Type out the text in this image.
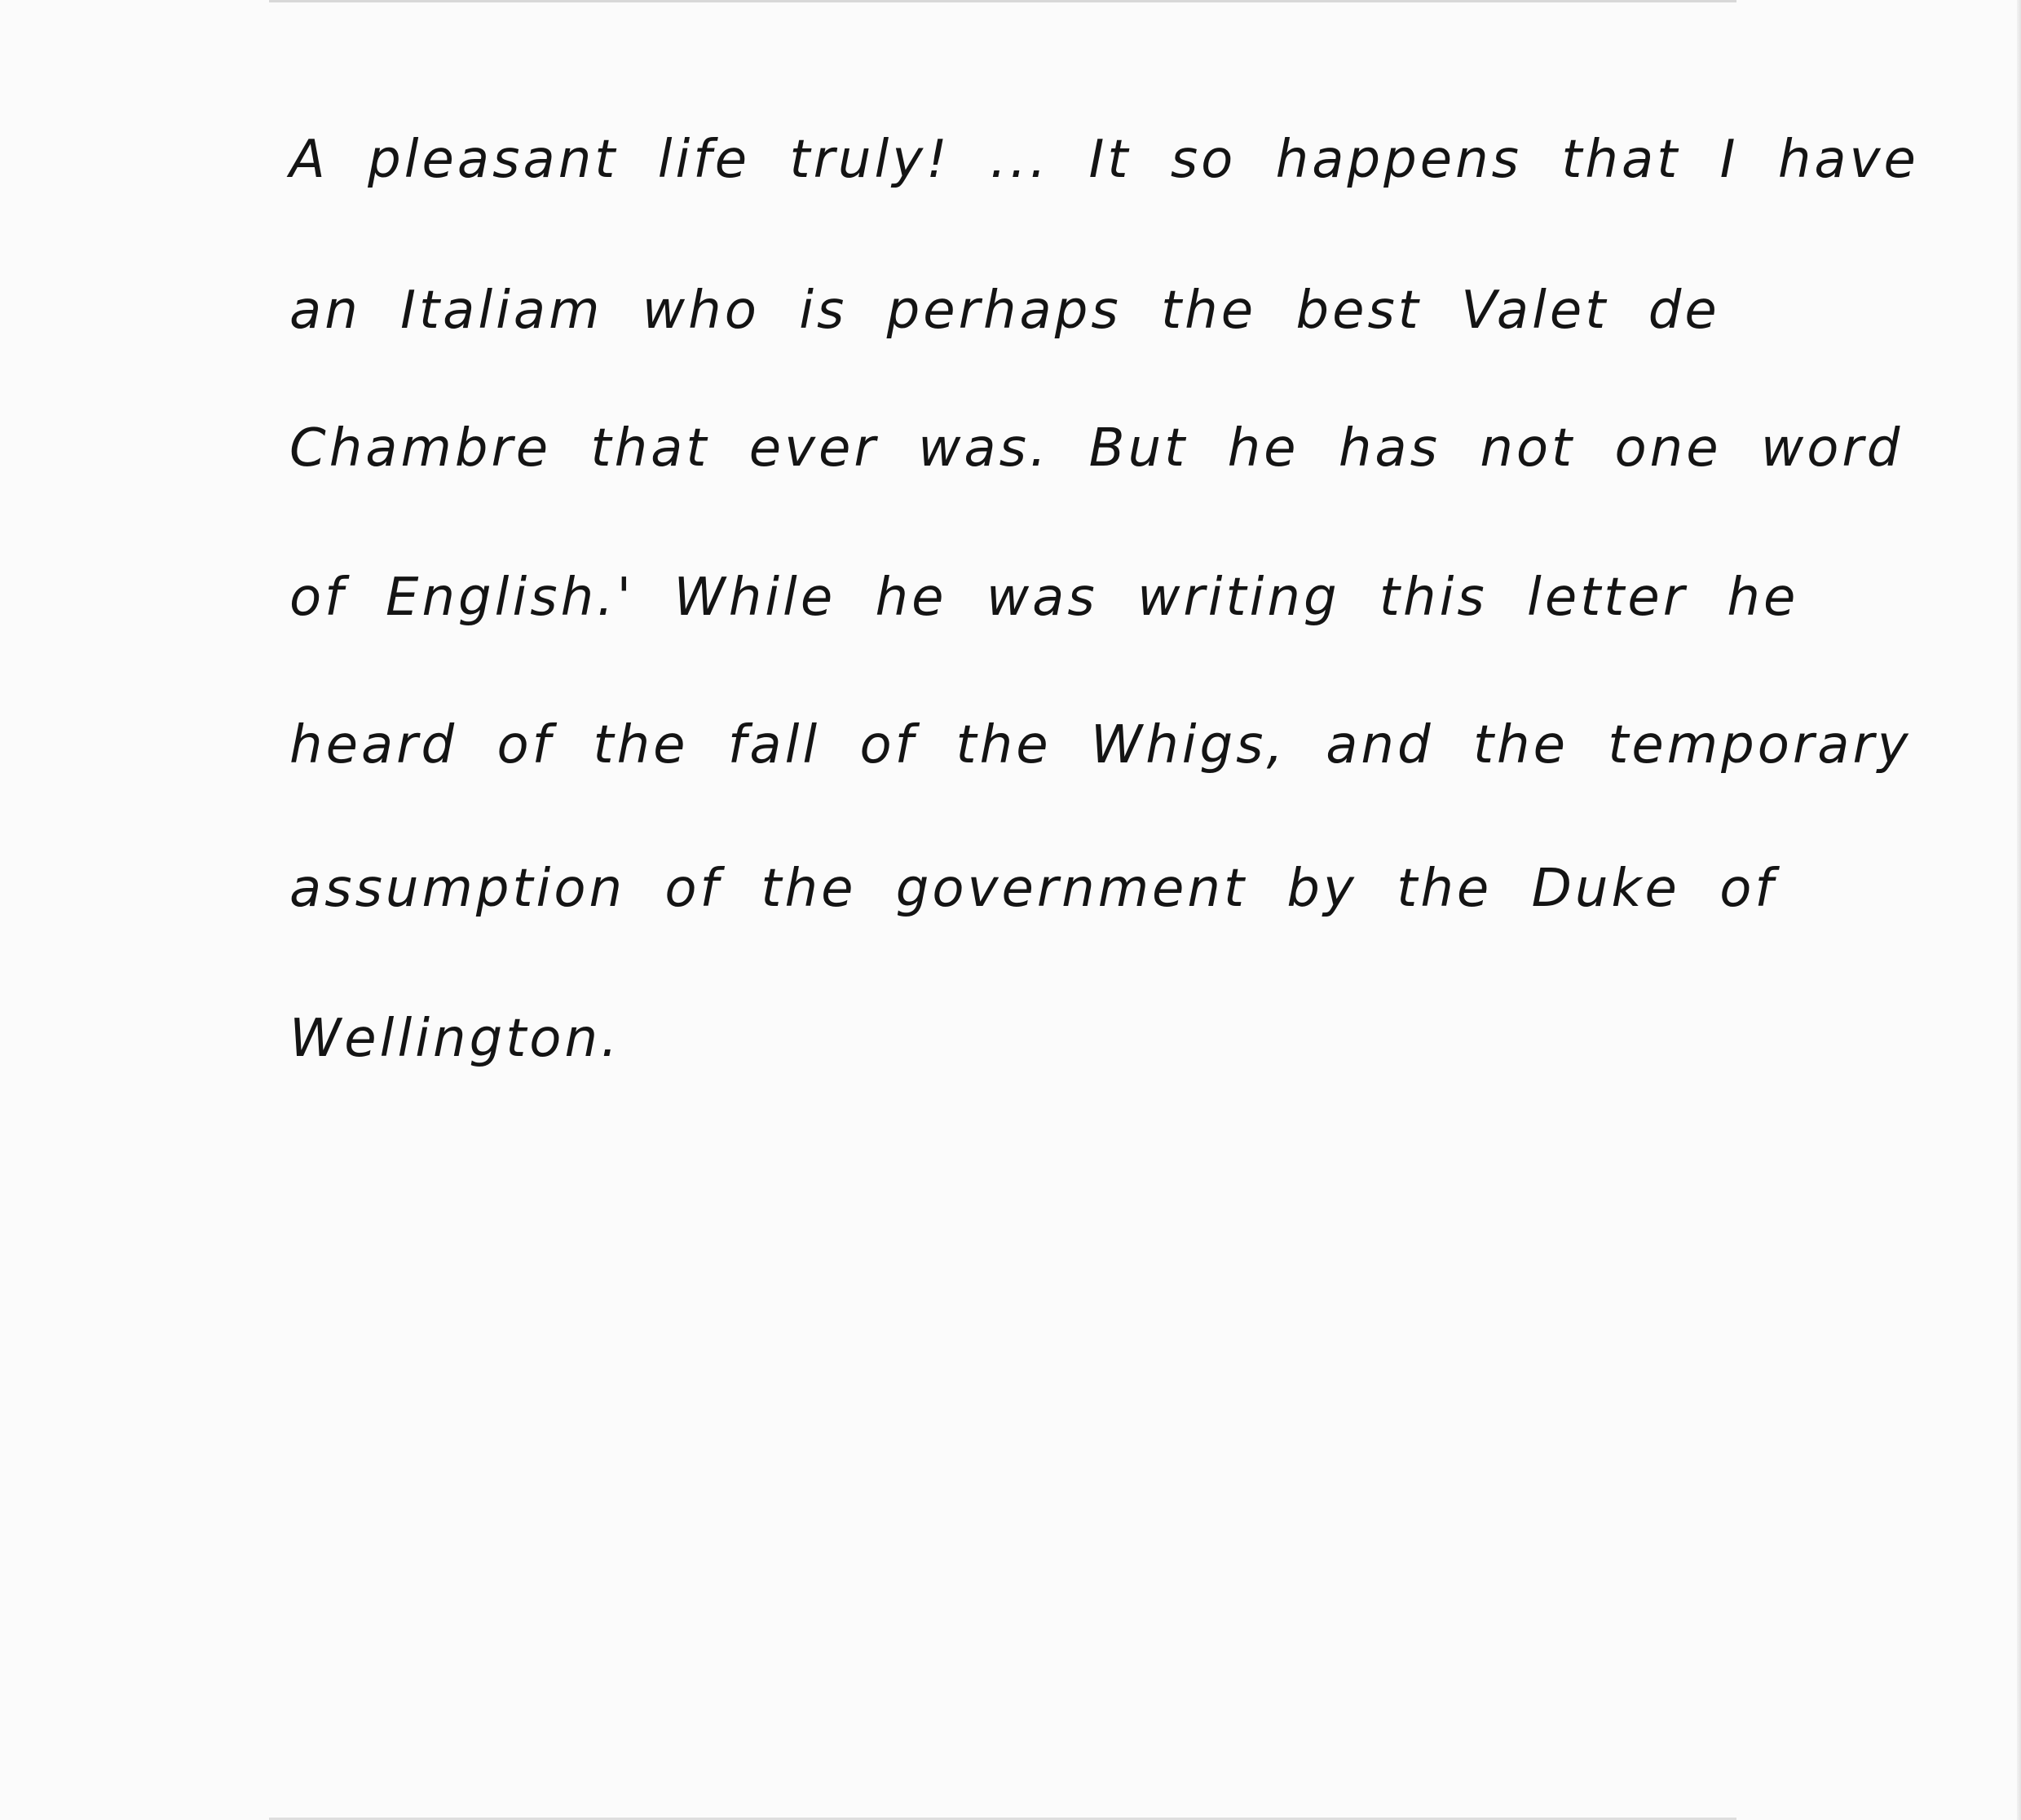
A pleasant life truly! ... It so happens that I have
an Italiam who is perhaps the best Valet de
Chambre that ever was. But he has not one word
of English.' While he was writing this letter he
heard of the fall of the Whigs, and the temporary
assumption of the government by the Duke of
Wellington.
